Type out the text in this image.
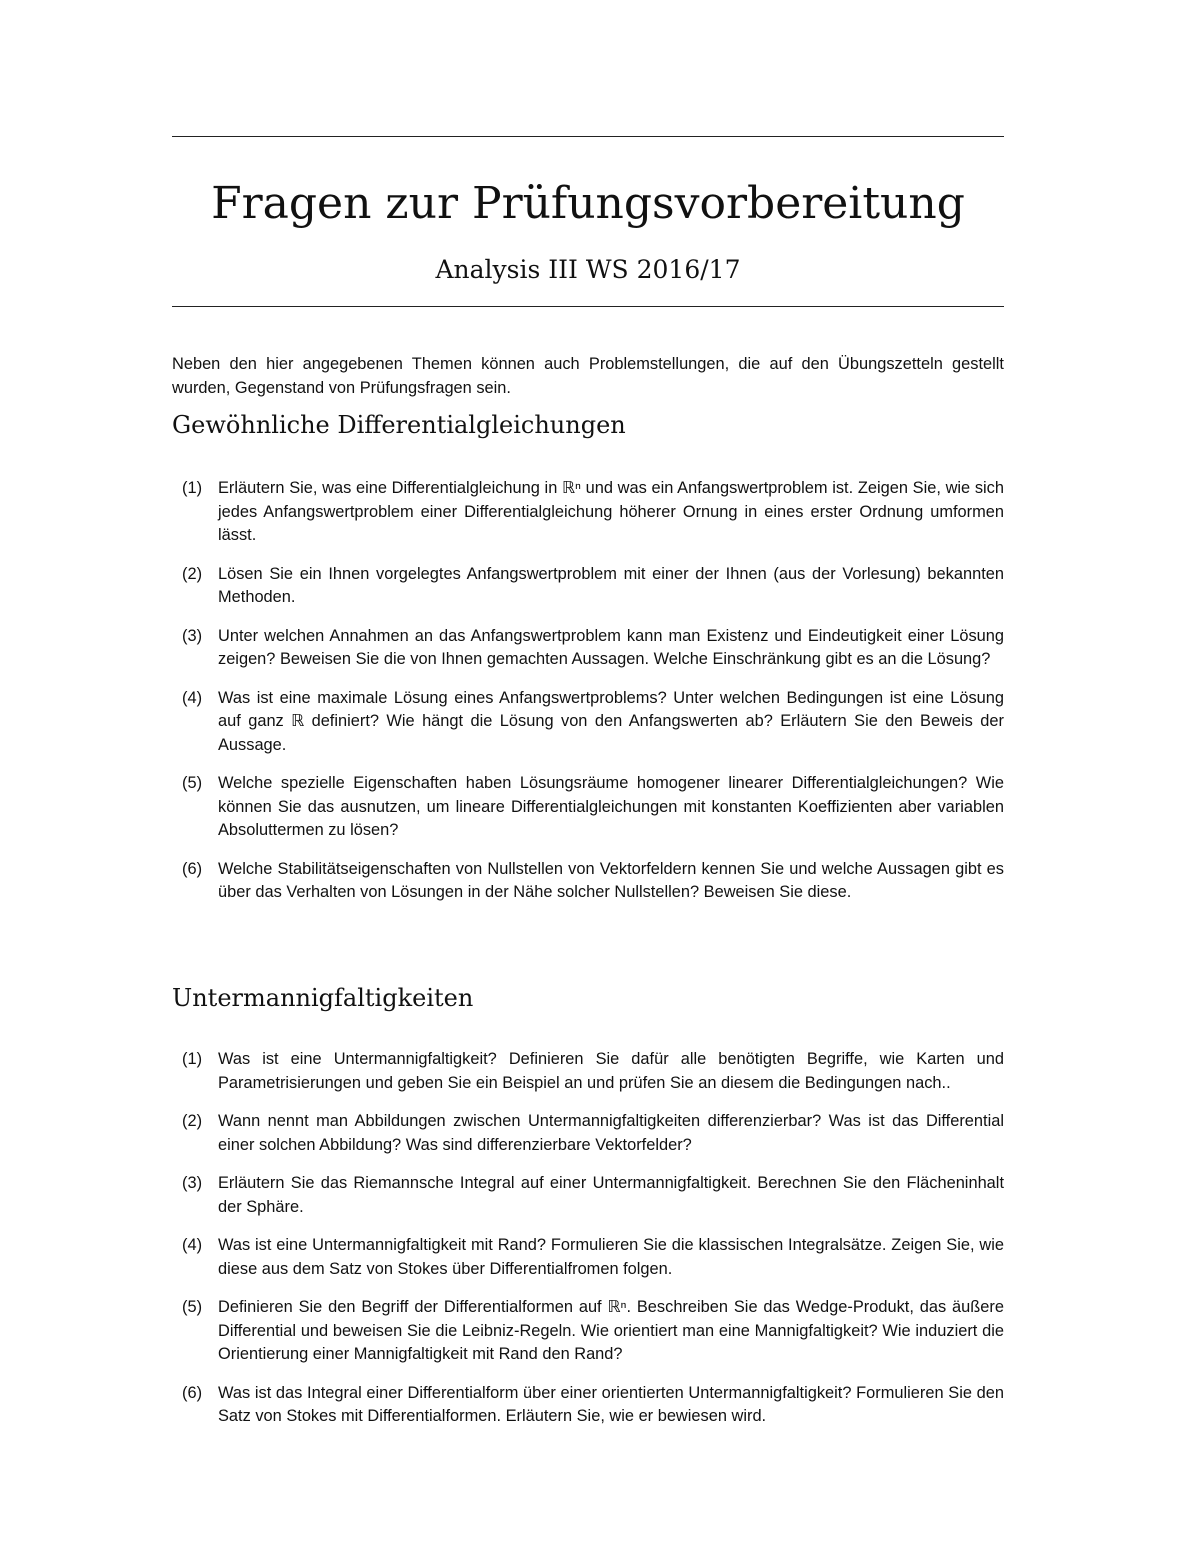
Fragen zur Prüfungsvorbereitung
Analysis III WS 2016/17
Neben den hier angegebenen Themen können auch Problemstellungen, die auf den Übungszetteln gestellt wurden, Gegenstand von Prüfungsfragen sein.
Gewöhnliche Differentialgleichungen
(1) Erläutern Sie, was eine Differentialgleichung in ℝⁿ und was ein Anfangswertproblem ist. Zeigen Sie, wie sich jedes Anfangswertproblem einer Differentialgleichung höherer Ornung in eines erster Ordnung umformen lässt.
(2) Lösen Sie ein Ihnen vorgelegtes Anfangswertproblem mit einer der Ihnen (aus der Vorlesung) bekannten Methoden.
(3) Unter welchen Annahmen an das Anfangswertproblem kann man Existenz und Eindeutigkeit einer Lösung zeigen? Beweisen Sie die von Ihnen gemachten Aussagen. Welche Einschränkung gibt es an die Lösung?
(4) Was ist eine maximale Lösung eines Anfangswertproblems? Unter welchen Bedingungen ist eine Lösung auf ganz ℝ definiert? Wie hängt die Lösung von den Anfangswerten ab? Erläutern Sie den Beweis der Aussage.
(5) Welche spezielle Eigenschaften haben Lösungsräume homogener linearer Differentialgleichungen? Wie können Sie das ausnutzen, um lineare Differentialgleichungen mit konstanten Koeffizienten aber variablen Absoluttermen zu lösen?
(6) Welche Stabilitätseigenschaften von Nullstellen von Vektorfeldern kennen Sie und welche Aussagen gibt es über das Verhalten von Lösungen in der Nähe solcher Nullstellen? Beweisen Sie diese.
Untermannigfaltigkeiten
(1) Was ist eine Untermannigfaltigkeit? Definieren Sie dafür alle benötigten Begriffe, wie Karten und Parametrisierungen und geben Sie ein Beispiel an und prüfen Sie an diesem die Bedingungen nach..
(2) Wann nennt man Abbildungen zwischen Untermannigfaltigkeiten differenzierbar? Was ist das Differential einer solchen Abbildung? Was sind differenzierbare Vektorfelder?
(3) Erläutern Sie das Riemannsche Integral auf einer Untermannigfaltigkeit. Berechnen Sie den Flächeninhalt der Sphäre.
(4) Was ist eine Untermannigfaltigkeit mit Rand? Formulieren Sie die klassischen Integralsätze. Zeigen Sie, wie diese aus dem Satz von Stokes über Differentialfromen folgen.
(5) Definieren Sie den Begriff der Differentialformen auf ℝⁿ. Beschreiben Sie das Wedge-Produkt, das äußere Differential und beweisen Sie die Leibniz-Regeln. Wie orientiert man eine Mannigfaltigkeit? Wie induziert die Orientierung einer Mannigfaltigkeit mit Rand den Rand?
(6) Was ist das Integral einer Differentialform über einer orientierten Untermannigfaltigkeit? Formulieren Sie den Satz von Stokes mit Differentialformen. Erläutern Sie, wie er bewiesen wird.
